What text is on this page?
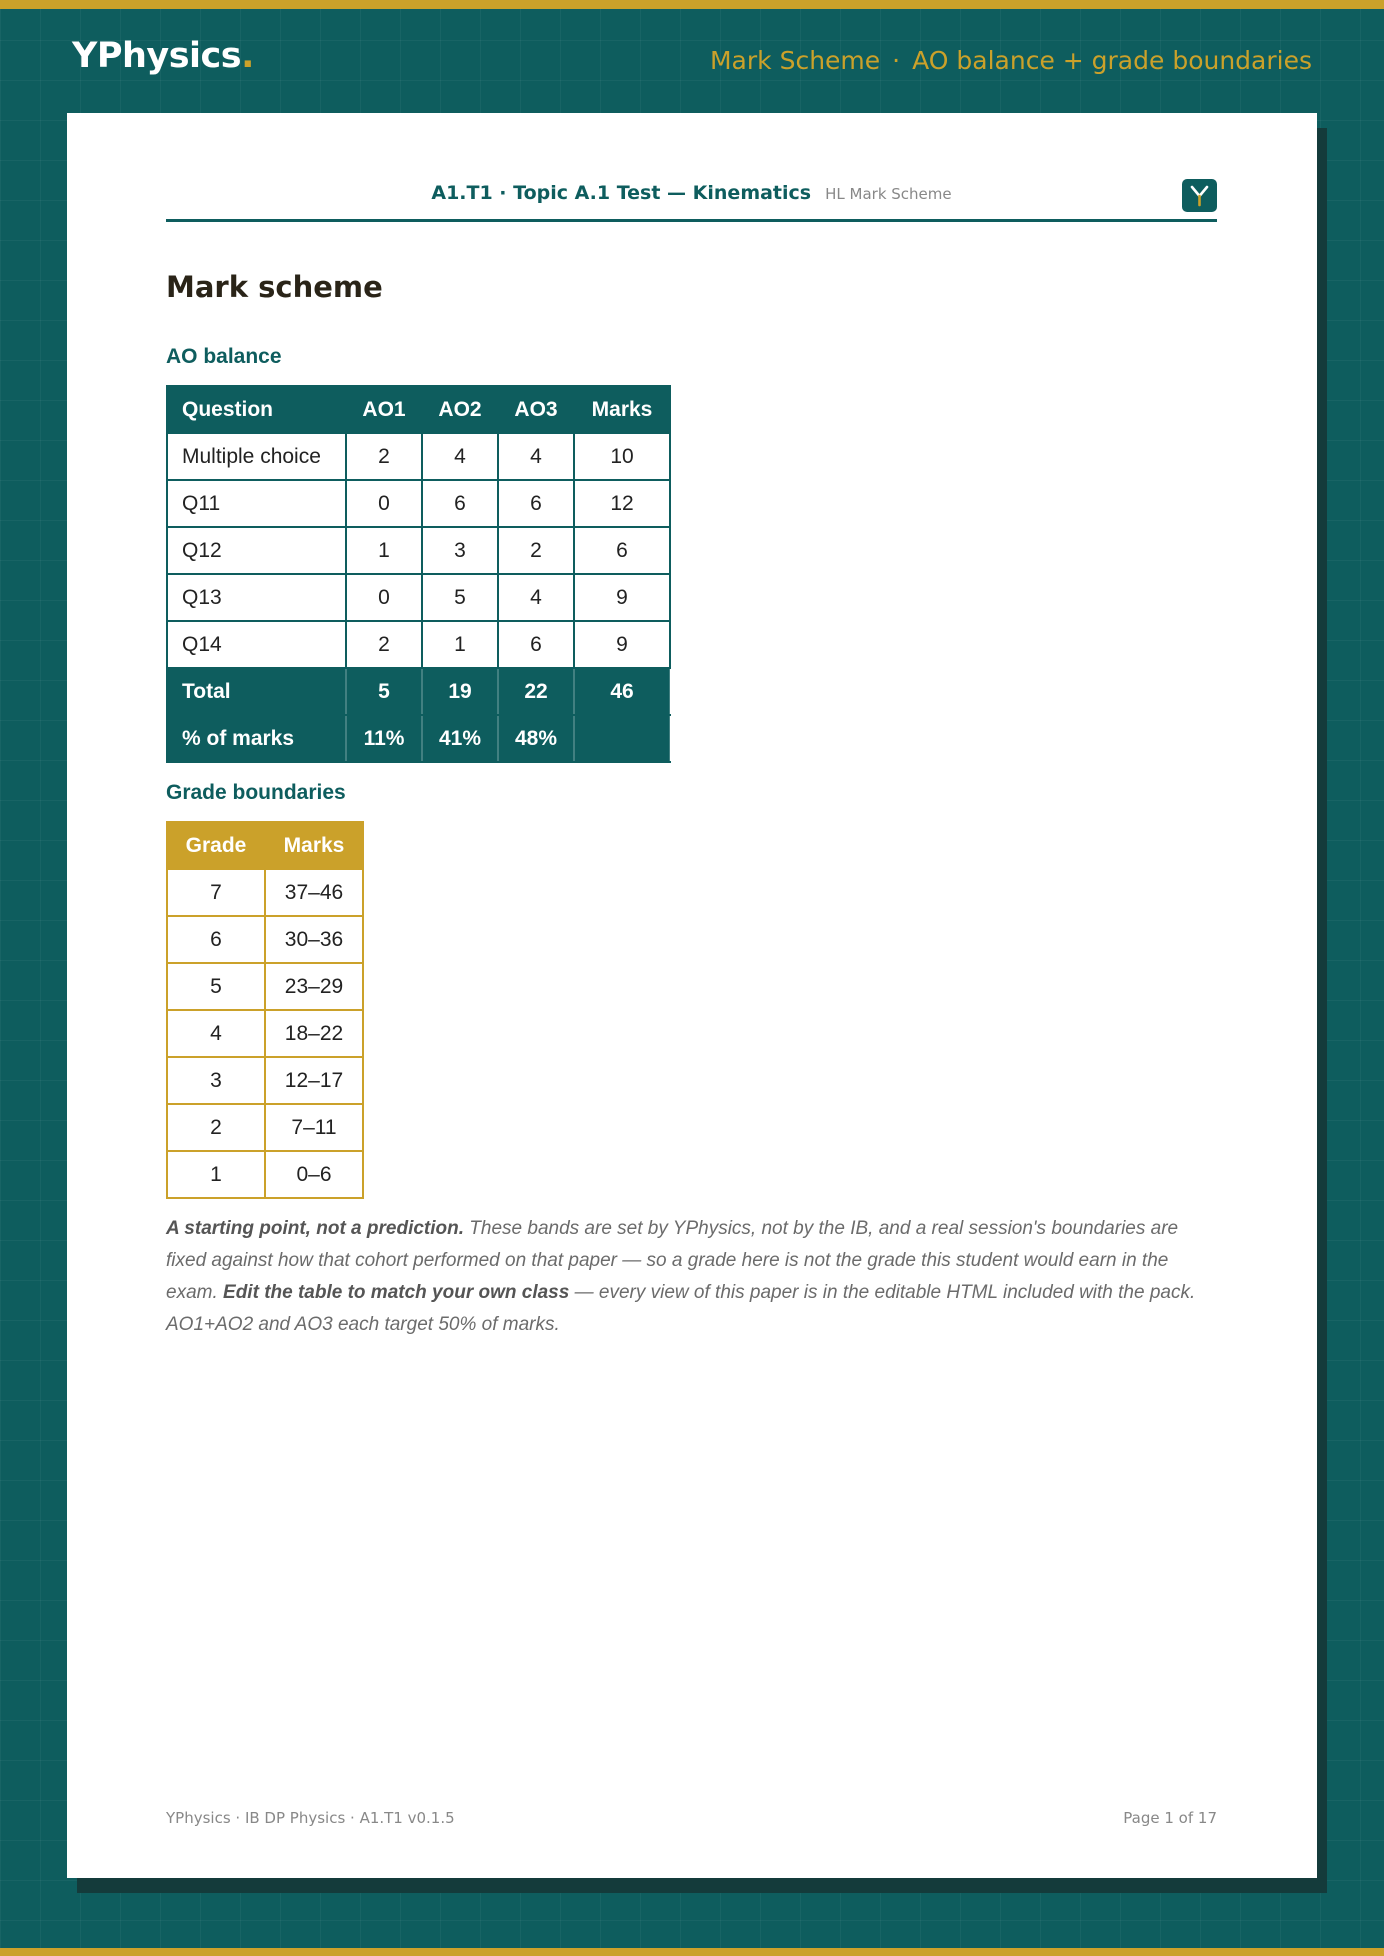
YPhysics.	Mark Scheme · AO balance + grade boundaries
A1.T1 · Topic A.1 Test — Kinematics HL Mark Scheme
Mark scheme
AO balance
Question	AO1	AO2	AO3	Marks
Multiple choice	2	4	4	10
Q11	0	6	6	12
Q12	1	3	2	6
Q13	0	5	4	9
Q14	2	1	6	9
Total	5	19	22	46
% of marks	11%	41%	48%	
Grade boundaries
Grade	Marks
7	37–46
6	30–36
5	23–29
4	18–22
3	12–17
2	7–11
1	0–6

A starting point, not a prediction. These bands are set by YPhysics, not by the IB, and a real session's boundaries are fixed against how that cohort performed on that paper — so a grade here is not the grade this student would earn in the exam. Edit the table to match your own class — every view of this paper is in the editable HTML included with the pack. AO1+AO2 and AO3 each target 50% of marks.

YPhysics · IB DP Physics · A1.T1 v0.1.5	Page 1 of 17
